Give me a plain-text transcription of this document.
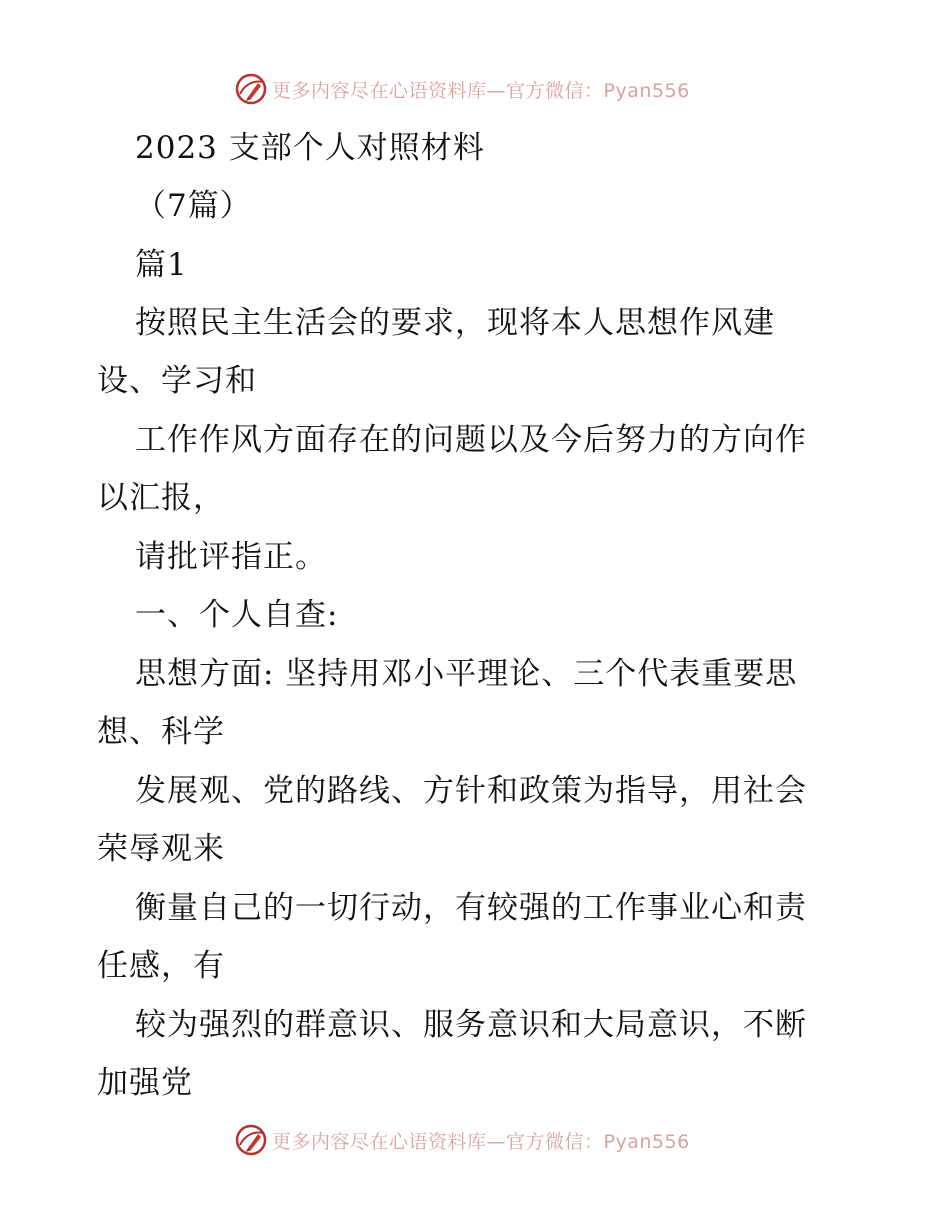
更多内容尽在心语资料库—官方微信：Pyan556
2023 支部个人对照材料
（7篇）
篇1
按照民主生活会的要求，现将本人思想作风建
设、学习和
工作作风方面存在的问题以及今后努力的方向作
以汇报，
请批评指正。
一、个人自查:
思想方面: 坚持用邓小平理论、三个代表重要思
想、科学
发展观、党的路线、方针和政策为指导，用社会
荣辱观来
衡量自己的一切行动，有较强的工作事业心和责
任感，有
较为强烈的群意识、服务意识和大局意识，不断
加强党
更多内容尽在心语资料库—官方微信：Pyan556
